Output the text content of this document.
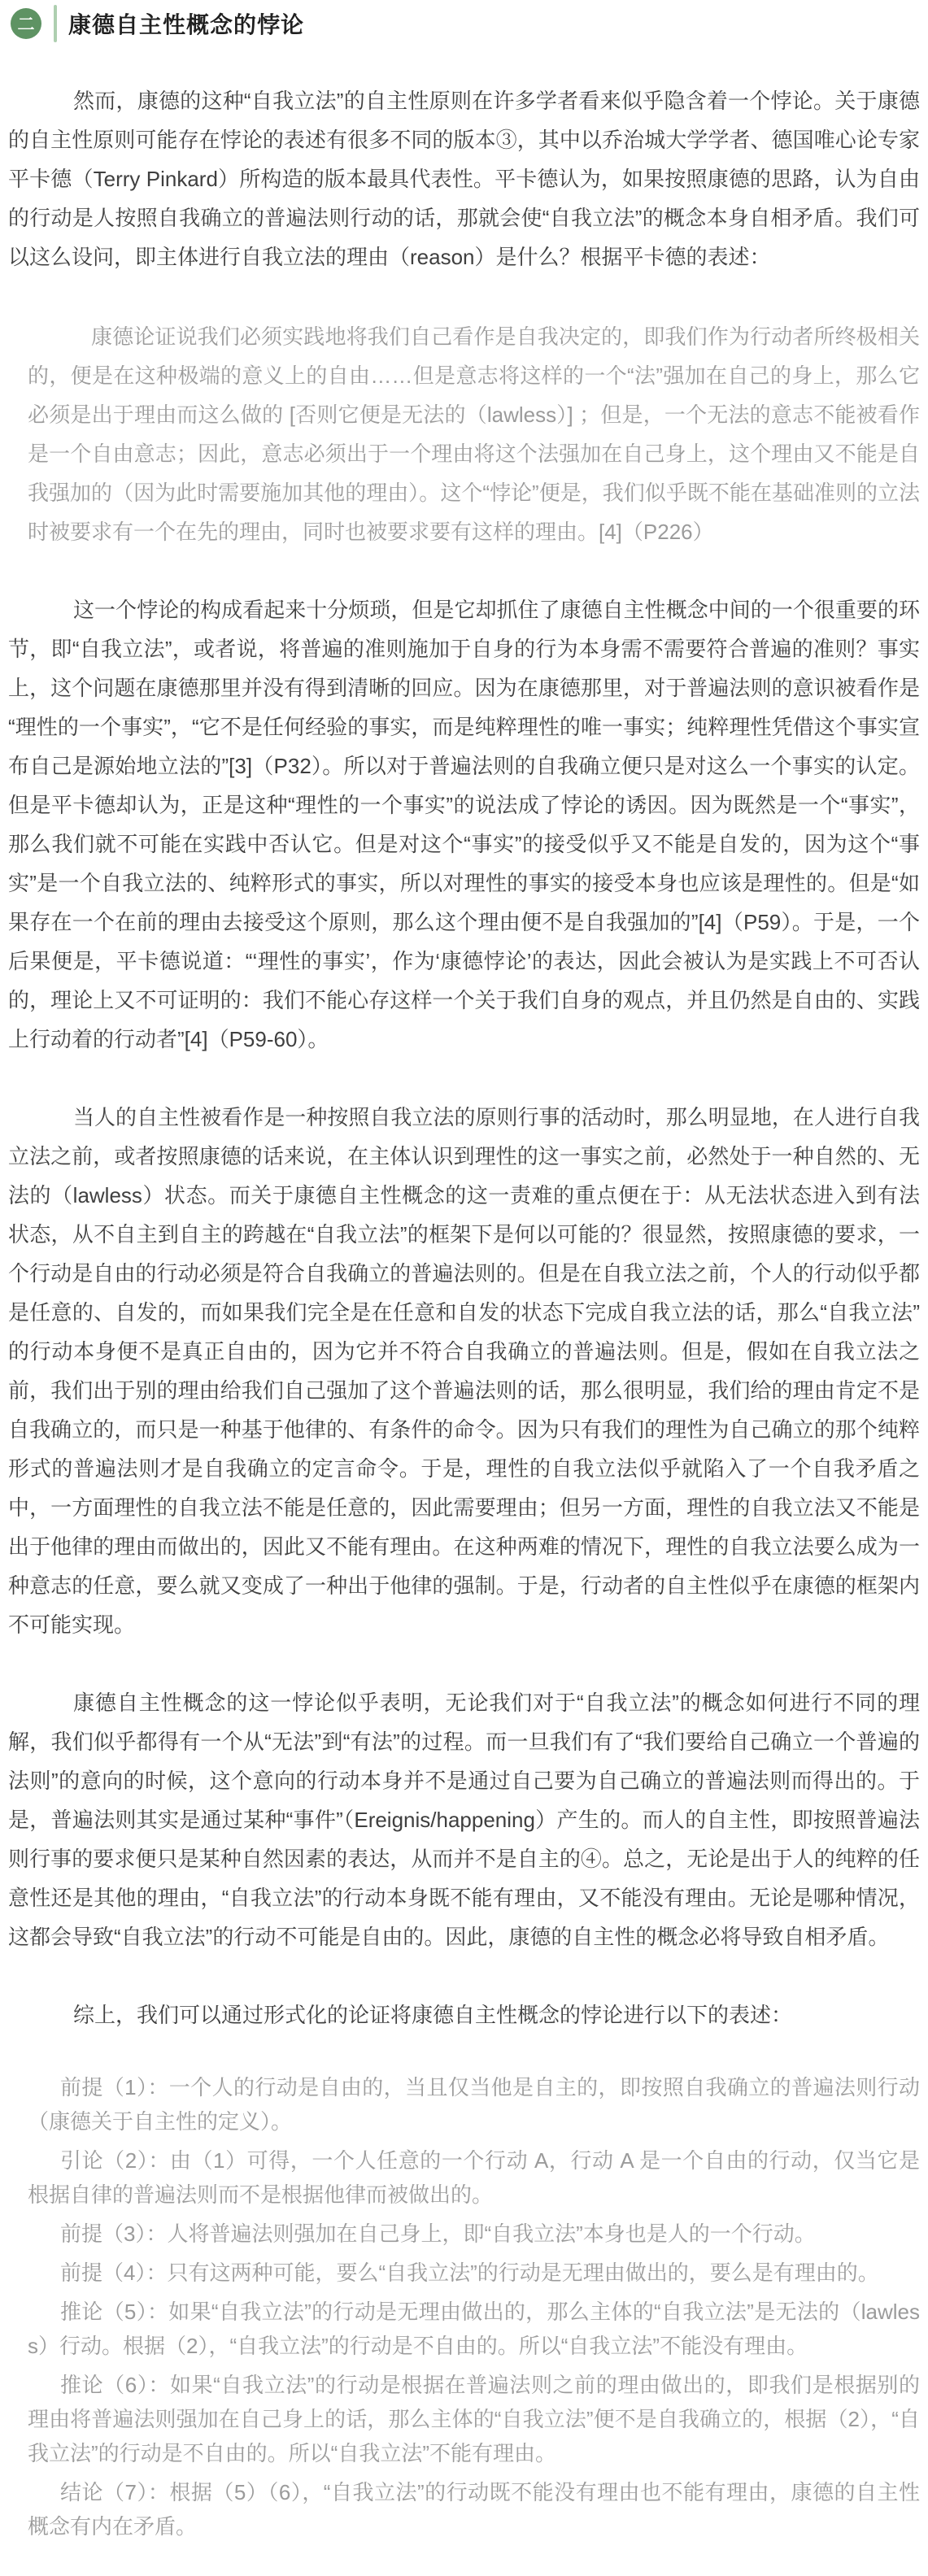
二	康德自主性概念的悖论

然而，康德的这种“自我立法”的自主性原则在许多学者看来似乎隐含着一个悖论。关于康德的自主性原则可能存在悖论的表述有很多不同的版本③，其中以乔治城大学学者、德国唯心论专家平卡德（Terry Pinkard）所构造的版本最具代表性。平卡德认为，如果按照康德的思路，认为自由的行动是人按照自我确立的普遍法则行动的话，那就会使“自我立法”的概念本身自相矛盾。我们可以这么设问，即主体进行自我立法的理由（reason）是什么？根据平卡德的表述：

康德论证说我们必须实践地将我们自己看作是自我决定的，即我们作为行动者所终极相关的，便是在这种极端的意义上的自由……但是意志将这样的一个“法”强加在自己的身上，那么它必须是出于理由而这么做的 [否则它便是无法的（lawless）] ；但是，一个无法的意志不能被看作是一个自由意志；因此，意志必须出于一个理由将这个法强加在自己身上，这个理由又不能是自我强加的（因为此时需要施加其他的理由）。这个“悖论”便是，我们似乎既不能在基础准则的立法时被要求有一个在先的理由，同时也被要求要有这样的理由。[4]（P226）

这一个悖论的构成看起来十分烦琐，但是它却抓住了康德自主性概念中间的一个很重要的环节，即“自我立法”，或者说，将普遍的准则施加于自身的行为本身需不需要符合普遍的准则？事实上，这个问题在康德那里并没有得到清晰的回应。因为在康德那里，对于普遍法则的意识被看作是“理性的一个事实”，“它不是任何经验的事实，而是纯粹理性的唯一事实；纯粹理性凭借这个事实宣布自己是源始地立法的”[3]（P32）。所以对于普遍法则的自我确立便只是对这么一个事实的认定。但是平卡德却认为，正是这种“理性的一个事实”的说法成了悖论的诱因。因为既然是一个“事实”，那么我们就不可能在实践中否认它。但是对这个“事实”的接受似乎又不能是自发的，因为这个“事实”是一个自我立法的、纯粹形式的事实，所以对理性的事实的接受本身也应该是理性的。但是“如果存在一个在前的理由去接受这个原则，那么这个理由便不是自我强加的”[4]（P59）。于是，一个后果便是，平卡德说道：“‘理性的事实’，作为‘康德悖论’的表达，因此会被认为是实践上不可否认的，理论上又不可证明的：我们不能心存这样一个关于我们自身的观点，并且仍然是自由的、实践上行动着的行动者”[4]（P59-60）。

当人的自主性被看作是一种按照自我立法的原则行事的活动时，那么明显地，在人进行自我立法之前，或者按照康德的话来说，在主体认识到理性的这一事实之前，必然处于一种自然的、无法的（lawless）状态。而关于康德自主性概念的这一责难的重点便在于：从无法状态进入到有法状态，从不自主到自主的跨越在“自我立法”的框架下是何以可能的？很显然，按照康德的要求，一个行动是自由的行动必须是符合自我确立的普遍法则的。但是在自我立法之前，个人的行动似乎都是任意的、自发的，而如果我们完全是在任意和自发的状态下完成自我立法的话，那么“自我立法”的行动本身便不是真正自由的，因为它并不符合自我确立的普遍法则。但是，假如在自我立法之前，我们出于别的理由给我们自己强加了这个普遍法则的话，那么很明显，我们给的理由肯定不是自我确立的，而只是一种基于他律的、有条件的命令。因为只有我们的理性为自己确立的那个纯粹形式的普遍法则才是自我确立的定言命令。于是，理性的自我立法似乎就陷入了一个自我矛盾之中，一方面理性的自我立法不能是任意的，因此需要理由；但另一方面，理性的自我立法又不能是出于他律的理由而做出的，因此又不能有理由。在这种两难的情况下，理性的自我立法要么成为一种意志的任意，要么就又变成了一种出于他律的强制。于是，行动者的自主性似乎在康德的框架内不可能实现。

康德自主性概念的这一悖论似乎表明，无论我们对于“自我立法”的概念如何进行不同的理解，我们似乎都得有一个从“无法”到“有法”的过程。而一旦我们有了“我们要给自己确立一个普遍的法则”的意向的时候，这个意向的行动本身并不是通过自己要为自己确立的普遍法则而得出的。于是，普遍法则其实是通过某种“事件”（Ereignis/happening）产生的。而人的自主性，即按照普遍法则行事的要求便只是某种自然因素的表达，从而并不是自主的④。总之，无论是出于人的纯粹的任意性还是其他的理由，“自我立法”的行动本身既不能有理由，又不能没有理由。无论是哪种情况，这都会导致“自我立法”的行动不可能是自由的。因此，康德的自主性的概念必将导致自相矛盾。

综上，我们可以通过形式化的论证将康德自主性概念的悖论进行以下的表述：

前提（1）：一个人的行动是自由的，当且仅当他是自主的，即按照自我确立的普遍法则行动（康德关于自主性的定义）。

引论（2）：由（1）可得，一个人任意的一个行动 A，行动 A 是一个自由的行动，仅当它是根据自律的普遍法则而不是根据他律而被做出的。

前提（3）：人将普遍法则强加在自己身上，即“自我立法”本身也是人的一个行动。

前提（4）：只有这两种可能，要么“自我立法”的行动是无理由做出的，要么是有理由的。

推论（5）：如果“自我立法”的行动是无理由做出的，那么主体的“自我立法”是无法的（lawless）行动。根据（2），“自我立法”的行动是不自由的。所以“自我立法”不能没有理由。

推论（6）：如果“自我立法”的行动是根据在普遍法则之前的理由做出的，即我们是根据别的理由将普遍法则强加在自己身上的话，那么主体的“自我立法”便不是自我确立的，根据（2），“自我立法”的行动是不自由的。所以“自我立法”不能有理由。

结论（7）：根据（5）（6），“自我立法”的行动既不能没有理由也不能有理由，康德的自主性概念有内在矛盾。
